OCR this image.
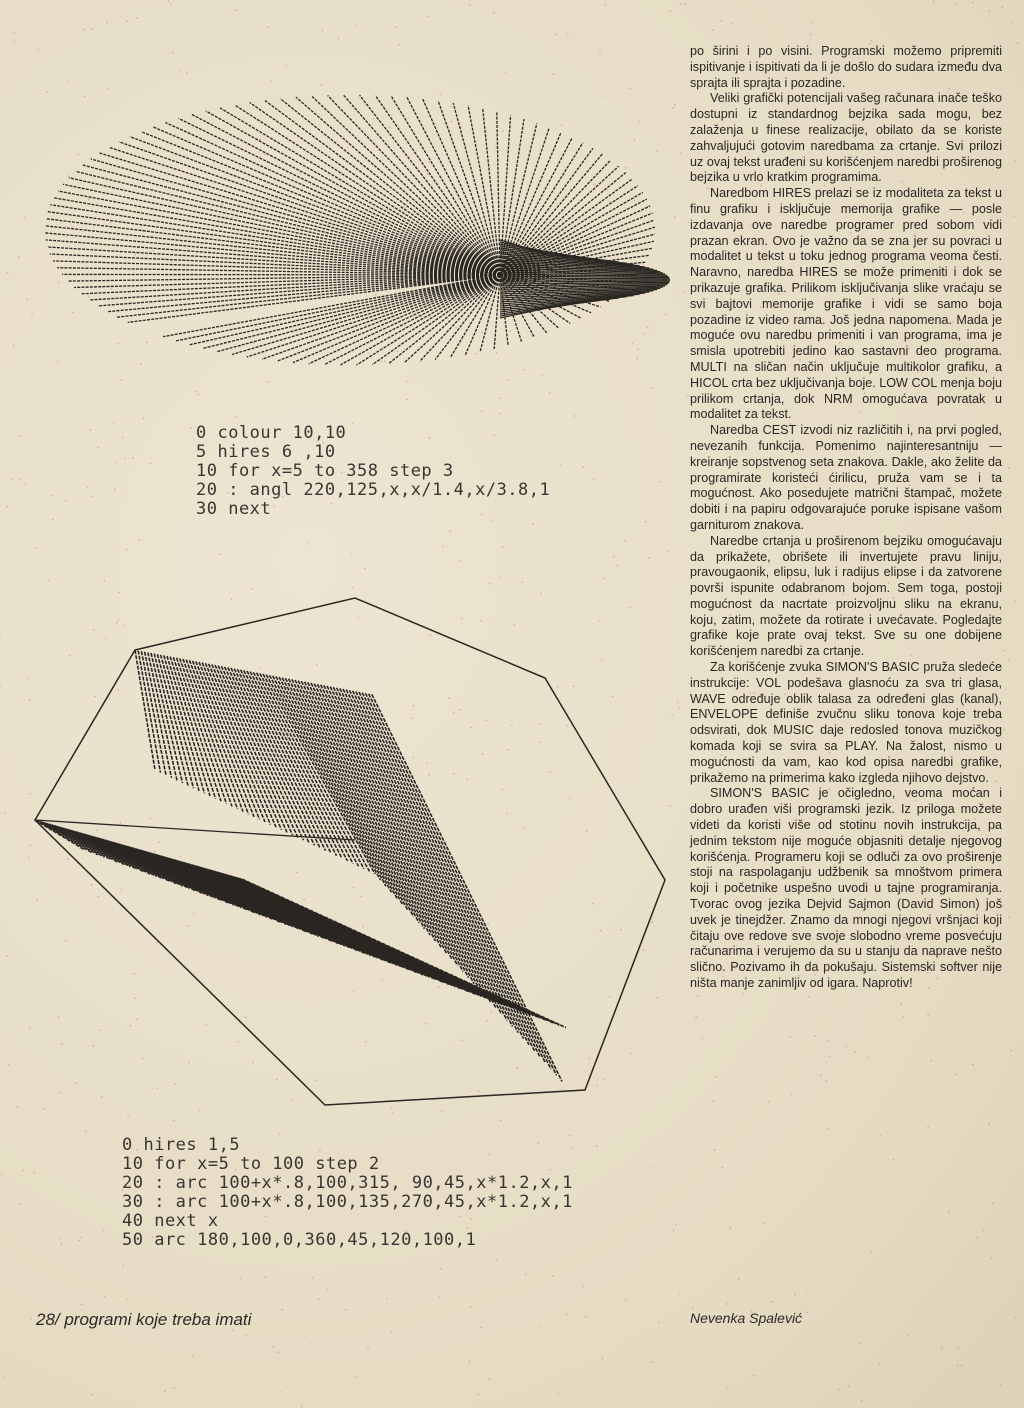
0 colour 10,10
5 hires 6 ,10
10 for x=5 to 358 step 3
20 : angl 220,125,x,x/1.4,x/3.8,1
30 next
0 hires 1,5
10 for x=5 to 100 step 2
20 : arc 100+x*.8,100,315, 90,45,x*1.2,x,1
30 : arc 100+x*.8,100,135,270,45,x*1.2,x,1
40 next x
50 arc 180,100,0,360,45,120,100,1

po širini i po visini. Programski možemo pripremiti ispitivanje i ispitivati da li je došlo do sudara između dva sprajta ili sprajta i pozadine.

Veliki grafički potencijali vašeg računara inače teško dostupni iz standardnog bejzika sada mogu, bez zalaženja u finese realizacije, obilato da se koriste zahvaljujući gotovim naredbama za crtanje. Svi prilozi uz ovaj tekst urađeni su korišćenjem naredbi proširenog bejzika u vrlo kratkim programima.

Naredbom HIRES prelazi se iz modaliteta za tekst u finu grafiku i isključuje memorija grafike — posle izdavanja ove naredbe programer pred sobom vidi prazan ekran. Ovo je važno da se zna jer su povraci u modalitet u tekst u toku jednog programa veoma česti. Naravno, naredba HIRES se može primeniti i dok se prikazuje grafika. Prilikom isključivanja slike vraćaju se svi bajtovi memorije grafike i vidi se samo boja pozadine iz video rama. Još jedna napomena. Mada je moguće ovu naredbu primeniti i van programa, ima je smisla upotrebiti jedino kao sastavni deo programa. MULTI na sličan način uključuje multikolor grafiku, a HICOL crta bez uključivanja boje. LOW COL menja boju prilikom crtanja, dok NRM omogućava povratak u modalitet za tekst.

Naredba CEST izvodi niz različitih i, na prvi pogled, nevezanih funkcija. Pomenimo najinteresantniju — kreiranje sopstvenog seta znakova. Dakle, ako želite da programirate koristeći ćirilicu, pruža vam se i ta mogućnost. Ako posedujete matrični štampač, možete dobiti i na papiru odgovarajuće poruke ispisane vašom garniturom znakova.

Naredbe crtanja u proširenom bejziku omogućavaju da prikažete, obrišete ili invertujete pravu liniju, pravougaonik, elipsu, luk i radijus elipse i da zatvorene površi ispunite odabranom bojom. Sem toga, postoji mogućnost da nacrtate proizvoljnu sliku na ekranu, koju, zatim, možete da rotirate i uvećavate. Pogledajte grafike koje prate ovaj tekst. Sve su one dobijene korišćenjem naredbi za crtanje.

Za korišćenje zvuka SIMON'S BASIC pruža sledeće instrukcije: VOL podešava glasnoću za sva tri glasa, WAVE određuje oblik talasa za određeni glas (kanal), ENVELOPE definiše zvučnu sliku tonova koje treba odsvirati, dok MUSIC daje redosled tonova muzičkog komada koji se svira sa PLAY. Na žalost, nismo u mogućnosti da vam, kao kod opisa naredbi grafike, prikažemo na primerima kako izgleda njihovo dejstvo.

SIMON'S BASIC je očigledno, veoma moćan i dobro urađen viši programski jezik. Iz priloga možete videti da koristi više od stotinu novih instrukcija, pa jednim tekstom nije moguće objasniti detalje njegovog korišćenja. Programeru koji se odluči za ovo proširenje stoji na raspolaganju udžbenik sa mnoštvom primera koji i početnike uspešno uvodi u tajne programiranja. Tvorac ovog jezika Dejvid Sajmon (David Simon) još uvek je tinejdžer. Znamo da mnogi njegovi vršnjaci koji čitaju ove redove sve svoje slobodno vreme posvećuju računarima i verujemo da su u stanju da naprave nešto slično. Pozivamo ih da pokušaju. Sistemski softver nije ništa manje zanimljiv od igara. Naprotiv!

28/ programi koje treba imati	Nevenka Spalević
